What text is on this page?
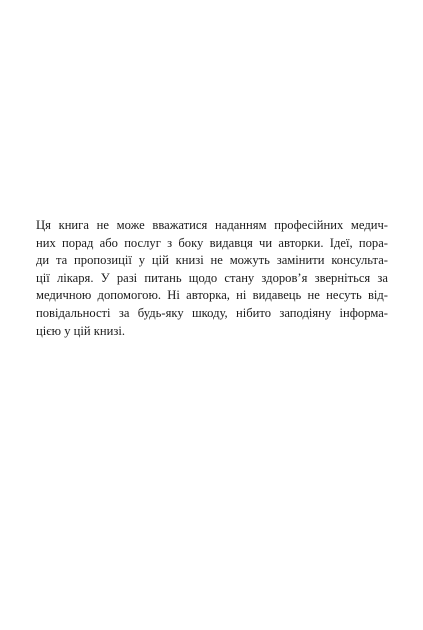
Ця книга не може вважатися наданням професійних медич-
них порад або послуг з боку видавця чи авторки. Ідеї, пора-
ди та пропозиції у цій книзі не можуть замінити консульта-
ції лікаря. У разі питань щодо стану здоров’я зверніться за
медичною допомогою. Ні авторка, ні видавець не несуть від-
повідальності за будь-яку шкоду, нібито заподіяну інформа-
цією у цій книзі.
